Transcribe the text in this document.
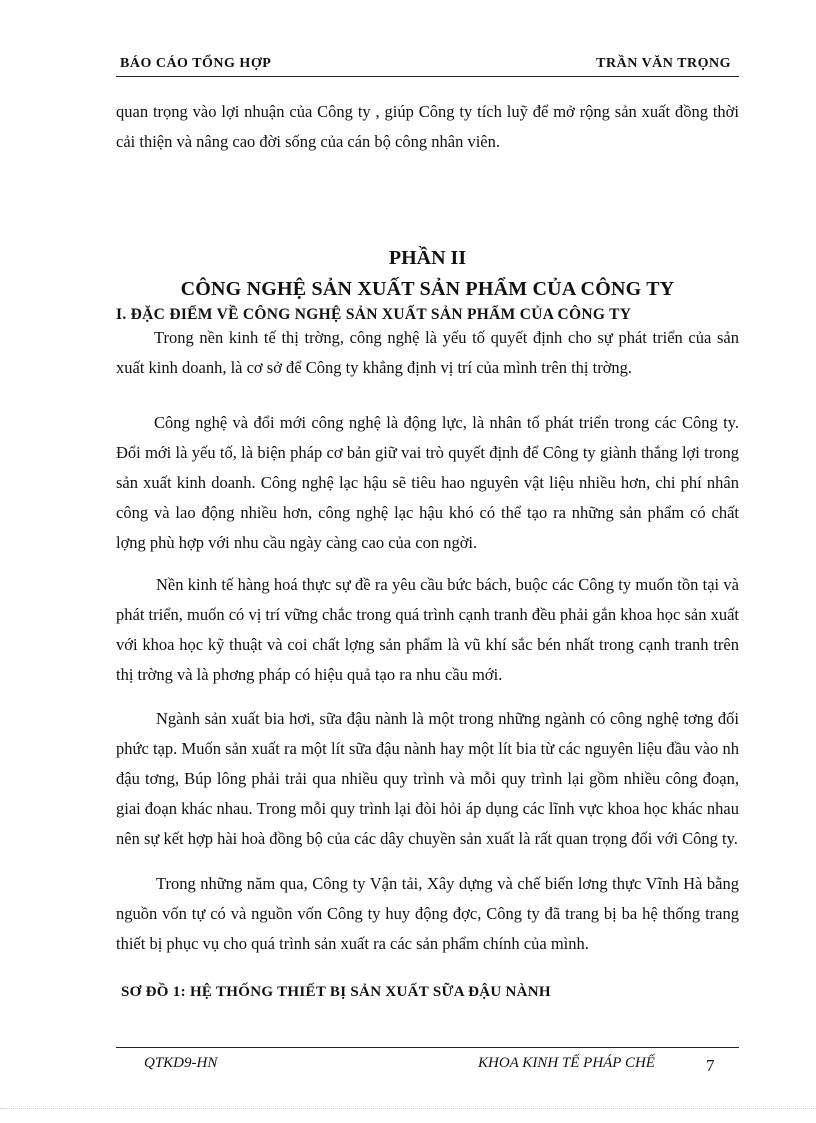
BÁO CÁO TỔNG HỢP	TRẦN VĂN TRỌNG

quan trọng vào lợi nhuận của Công ty , giúp Công ty tích luỹ để mở rộng sản xuất đồng thời cải thiện và nâng cao đời sống của cán bộ công nhân viên.

PHẦN II
CÔNG NGHỆ SẢN XUẤT SẢN PHẨM CỦA CÔNG TY
I. ĐẶC ĐIỂM VỀ CÔNG NGHỆ SẢN XUẤT SẢN PHẨM CỦA CÔNG TY

Trong nền kinh tế thị trờng, công nghệ là yếu tố quyết định cho sự phát triển của sản xuất kinh doanh, là cơ sở để Công ty khẳng định vị trí của mình trên thị trờng.

Công nghệ và đổi mới công nghệ là động lực, là nhân tố phát triển trong các Công ty. Đổi mới là yếu tố, là biện pháp cơ bản giữ vai trò quyết định để Công ty giành thắng lợi trong sản xuất kinh doanh. Công nghệ lạc hậu sẽ tiêu hao nguyên vật liệu nhiều hơn, chi phí nhân công và lao động nhiều hơn, công nghệ lạc hậu khó có thể tạo ra những sản phẩm có chất lợng phù hợp với nhu cầu ngày càng cao của con ngời.

Nền kinh tế hàng hoá thực sự đề ra yêu cầu bức bách, buộc các Công ty muốn tồn tại và phát triển, muốn có vị trí vững chắc trong quá trình cạnh tranh đều phải gắn khoa học sản xuất với khoa học kỹ thuật và coi chất lợng sản phẩm là vũ khí sắc bén nhất trong cạnh tranh trên thị trờng và là phơng pháp có hiệu quả tạo ra nhu cầu mới.

Ngành sản xuất bia hơi, sữa đậu nành là một trong những ngành có công nghệ tơng đối phức tạp. Muốn sản xuất ra một lít sữa đậu nành hay một lít bia từ các nguyên liệu đầu vào nh đậu tơng, Búp lông phải trải qua nhiều quy trình và mỗi quy trình lại gồm nhiều công đoạn, giai đoạn khác nhau. Trong mỗi quy trình lại đòi hỏi áp dụng các lĩnh vực khoa học khác nhau nên sự kết hợp hài hoà đồng bộ của các dây chuyền sản xuất là rất quan trọng đối với Công ty.

Trong những năm qua, Công ty Vận tải, Xây dựng và chế biến lơng thực Vĩnh Hà bằng nguồn vốn tự có và nguồn vốn Công ty huy động đợc, Công ty đã trang bị ba hệ thống trang thiết bị phục vụ cho quá trình sản xuất ra các sản phẩm chính của mình.

SƠ ĐỒ 1: HỆ THỐNG THIẾT BỊ SẢN XUẤT SỮA ĐẬU NÀNH
QTKD9-HN	KHOA KINH TẾ PHÁP CHẾ	7
